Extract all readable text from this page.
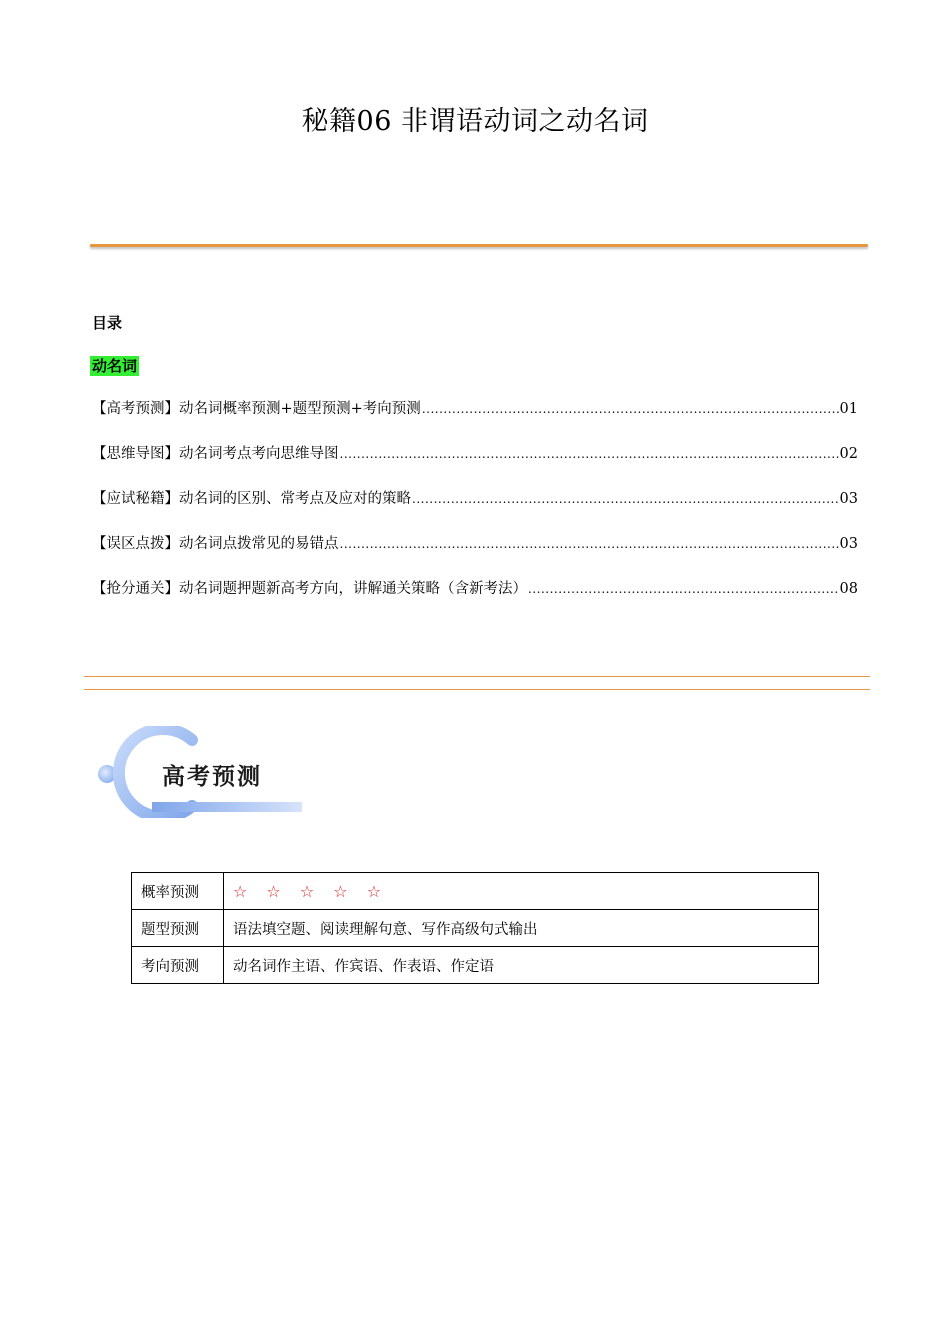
秘籍06 非谓语动词之动名词
目录
动名词
【高考预测】动名词概率预测+题型预测+考向预测 .....	01
【思维导图】动名词考点考向思维导图 .....	02
【应试秘籍】动名词的区别、常考点及应对的策略 .....	03
【误区点拨】动名词点拨常见的易错点 .....	03
【抢分通关】动名词题押题新高考方向，讲解通关策略（含新考法） .....	08
高考预测
概率预测	☆ ☆ ☆ ☆ ☆
题型预测	语法填空题、阅读理解句意、写作高级句式输出
考向预测	动名词作主语、作宾语、作表语、作定语
